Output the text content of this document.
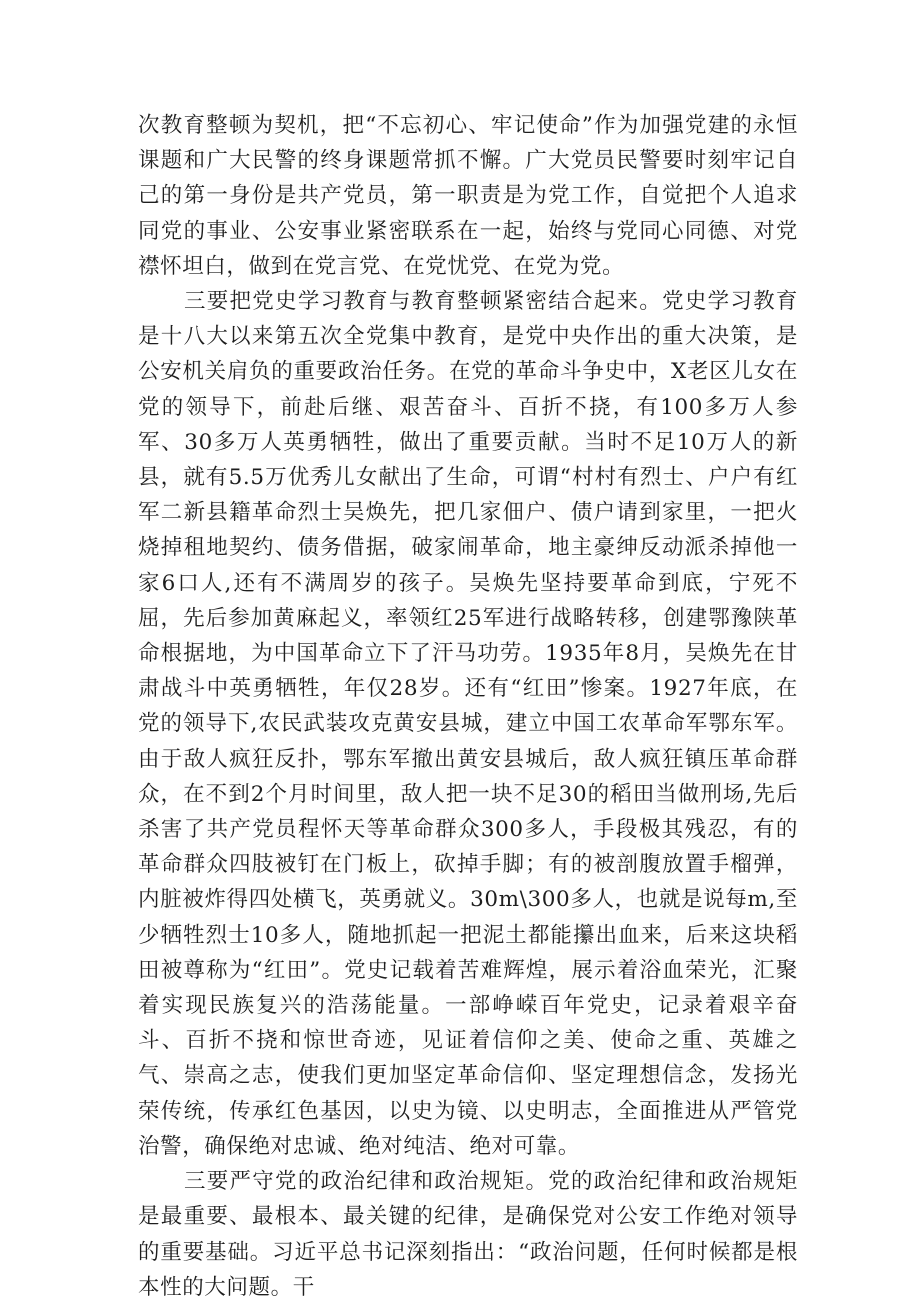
次教育整顿为契机，把“不忘初心、牢记使命”作为加强党建的永恒课题和广大民警的终身课题常抓不懈。广大党员民警要时刻牢记自己的第一身份是共产党员，第一职责是为党工作，自觉把个人追求同党的事业、公安事业紧密联系在一起，始终与党同心同德、对党襟怀坦白，做到在党言党、在党忧党、在党为党。

三要把党史学习教育与教育整顿紧密结合起来。党史学习教育是十八大以来第五次全党集中教育，是党中央作出的重大决策，是公安机关肩负的重要政治任务。在党的革命斗争史中，X老区儿女在党的领导下，前赴后继、艰苦奋斗、百折不挠，有100多万人参军、30多万人英勇牺牲，做出了重要贡献。当时不足10万人的新县，就有5.5万优秀儿女献出了生命，可谓“村村有烈士、户户有红军二新县籍革命烈士吴焕先，把几家佃户、债户请到家里，一把火烧掉租地契约、债务借据，破家闹革命，地主豪绅反动派杀掉他一家6口人,还有不满周岁的孩子。吴焕先坚持要革命到底，宁死不屈，先后参加黄麻起义，率领红25军进行战略转移，创建鄂豫陕革命根据地，为中国革命立下了汗马功劳。1935年8月，吴焕先在甘肃战斗中英勇牺牲，年仅28岁。还有“红田”惨案。1927年底，在党的领导下,农民武装攻克黄安县城，建立中国工农革命军鄂东军。由于敌人疯狂反扑，鄂东军撤出黄安县城后，敌人疯狂镇压革命群众，在不到2个月时间里，敌人把一块不足30的稻田当做刑场,先后杀害了共产党员程怀天等革命群众300多人，手段极其残忍，有的革命群众四肢被钉在门板上，砍掉手脚；有的被剖腹放置手榴弹，内脏被炸得四处横飞，英勇就义。30m\300多人，也就是说每m,至少牺牲烈士10多人，随地抓起一把泥土都能攥出血来，后来这块稻田被尊称为“红田”。党史记载着苦难辉煌，展示着浴血荣光，汇聚着实现民族复兴的浩荡能量。一部峥嵘百年党史，记录着艰辛奋斗、百折不挠和惊世奇迹，见证着信仰之美、使命之重、英雄之气、崇高之志，使我们更加坚定革命信仰、坚定理想信念，发扬光荣传统，传承红色基因，以史为镜、以史明志，全面推进从严管党治警，确保绝对忠诚、绝对纯洁、绝对可靠。

三要严守党的政治纪律和政治规矩。党的政治纪律和政治规矩是最重要、最根本、最关键的纪律，是确保党对公安工作绝对领导的重要基础。习近平总书记深刻指出：“政治问题，任何时候都是根本性的大问题。干
